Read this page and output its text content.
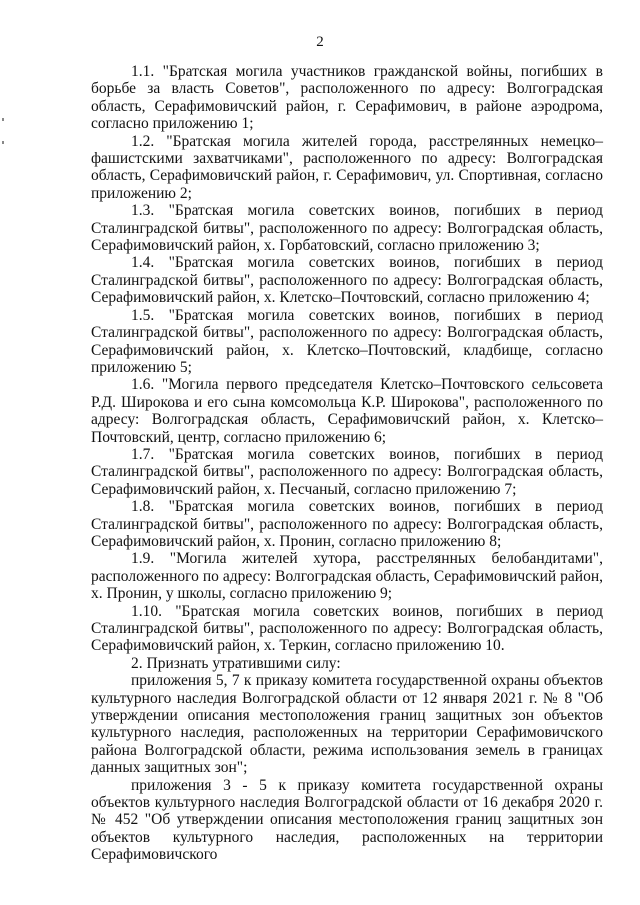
2

1.1. "Братская могила участников гражданской войны, погибших в борьбе за власть Советов", расположенного по адресу: Волгоградская область, Серафимовичский район, г. Серафимович, в районе аэродрома, согласно приложению 1;

1.2. "Братская могила жителей города, расстрелянных немецко–фашистскими захватчиками", расположенного по адресу: Волгоградская область, Серафимовичский район, г. Серафимович, ул. Спортивная, согласно приложению 2;

1.3. "Братская могила советских воинов, погибших в период Сталинградской битвы", расположенного по адресу: Волгоградская область, Серафимовичский район, х. Горбатовский, согласно приложению 3;

1.4. "Братская могила советских воинов, погибших в период Сталинградской битвы", расположенного по адресу: Волгоградская область, Серафимовичский район, х. Клетско–Почтовский, согласно приложению 4;

1.5. "Братская могила советских воинов, погибших в период Сталинградской битвы", расположенного по адресу: Волгоградская область, Серафимовичский район, х. Клетско–Почтовский, кладбище, согласно приложению 5;

1.6. "Могила первого председателя Клетско–Почтовского сельсовета Р.Д. Широкова и его сына комсомольца К.Р. Широкова", расположенного по адресу: Волгоградская область, Серафимовичский район, х. Клетско–Почтовский, центр, согласно приложению 6;

1.7. "Братская могила советских воинов, погибших в период Сталинградской битвы", расположенного по адресу: Волгоградская область, Серафимовичский район, х. Песчаный, согласно приложению 7;

1.8. "Братская могила советских воинов, погибших в период Сталинградской битвы", расположенного по адресу: Волгоградская область, Серафимовичский район, х. Пронин, согласно приложению 8;

1.9. "Могила жителей хутора, расстрелянных белобандитами", расположенного по адресу: Волгоградская область, Серафимовичский район, х. Пронин, у школы, согласно приложению 9;

1.10. "Братская могила советских воинов, погибших в период Сталинградской битвы", расположенного по адресу: Волгоградская область, Серафимовичский район, х. Теркин, согласно приложению 10.

2. Признать утратившими силу:

приложения 5, 7 к приказу комитета государственной охраны объектов культурного наследия Волгоградской области от 12 января 2021 г. № 8 "Об утверждении описания местоположения границ защитных зон объектов культурного наследия, расположенных на территории Серафимовичского района Волгоградской области, режима использования земель в границах данных защитных зон";

приложения 3 - 5 к приказу комитета государственной охраны объектов культурного наследия Волгоградской области от 16 декабря 2020 г. № 452 "Об утверждении описания местоположения границ защитных зон объектов культурного наследия, расположенных на территории Серафимовичского
